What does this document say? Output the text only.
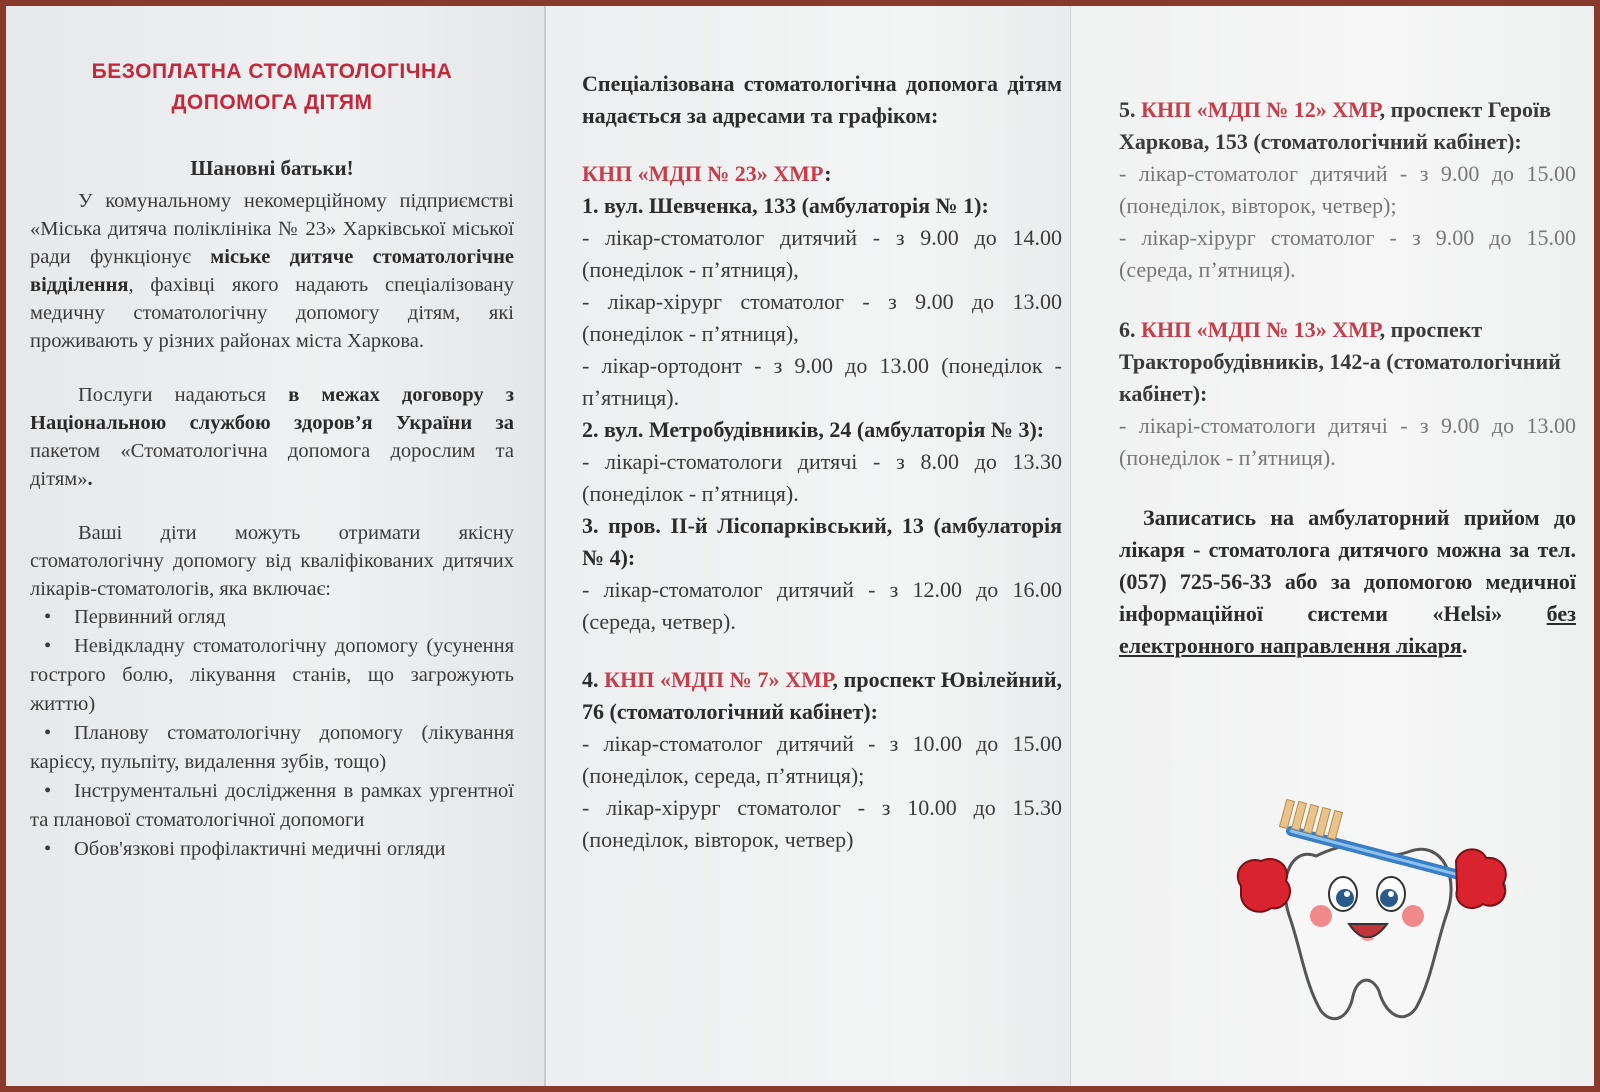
БЕЗОПЛАТНА СТОМАТОЛОГІЧНА
ДОПОМОГА ДІТЯМ
Шановні батьки!

У комунальному некомерційному підприємстві «Міська дитяча поліклініка № 23» Харківської міської ради функціонує міське дитяче стоматологічне відділення, фахівці якого надають спеціалізовану медичну стоматологічну допомогу дітям, які проживають у різних районах міста Харкова.

Послуги надаються в межах договору з Національною службою здоров’я України за пакетом «Стоматологічна допомога дорослим та дітям».

Ваші діти можуть отримати якісну стоматологічну допомогу від кваліфікованих дитячих лікарів-стоматологів, яка включає:

• Первинний огляд
• Невідкладну стоматологічну допомогу (усунення гострого болю, лікування станів, що загрожують життю)
• Планову стоматологічну допомогу (лікування карієсу, пульпіту, видалення зубів, тощо)
• Інструментальні дослідження в рамках ургентної та планової стоматологічної допомоги
• Обов'язкові профілактичні медичні огляди

Спеціалізована стоматологічна допомога дітям надається за адресами та графіком:

КНП «МДП № 23» ХМР:

1. вул. Шевченка, 133 (амбулаторія № 1):

- лікар-стоматолог дитячий - з 9.00 до 14.00 (понеділок - п’ятниця),

- лікар-хірург стоматолог - з 9.00 до 13.00 (понеділок - п’ятниця),

- лікар-ортодонт - з 9.00 до 13.00 (понеділок - п’ятниця).

2. вул. Метробудівників, 24 (амбулаторія № 3):

- лікарі-стоматологи дитячі - з 8.00 до 13.30 (понеділок - п’ятниця).

3. пров. ІІ-й Лісопарківський, 13 (амбулаторія № 4):

- лікар-стоматолог дитячий - з 12.00 до 16.00 (середа, четвер).

4. КНП «МДП № 7» ХМР, проспект Ювілейний, 76 (стоматологічний кабінет):

- лікар-стоматолог дитячий - з 10.00 до 15.00 (понеділок, середа, п’ятниця);

- лікар-хірург стоматолог - з 10.00 до 15.30 (понеділок, вівторок, четвер)

5. КНП «МДП № 12» ХМР, проспект Героїв Харкова, 153 (стоматологічний кабінет):

- лікар-стоматолог дитячий - з 9.00 до 15.00 (понеділок, вівторок, четвер);

- лікар-хірург стоматолог - з 9.00 до 15.00 (середа, п’ятниця).

6. КНП «МДП № 13» ХМР, проспект Тракторобудівників, 142-а (стоматологічний кабінет):

- лікарі-стоматологи дитячі - з 9.00 до 13.00 (понеділок - п’ятниця).

Записатись на амбулаторний прийом до лікаря - стоматолога дитячого можна за тел. (057) 725-56-33 або за допомогою медичної інформаційної системи «Helsi» без електронного направлення лікаря.
